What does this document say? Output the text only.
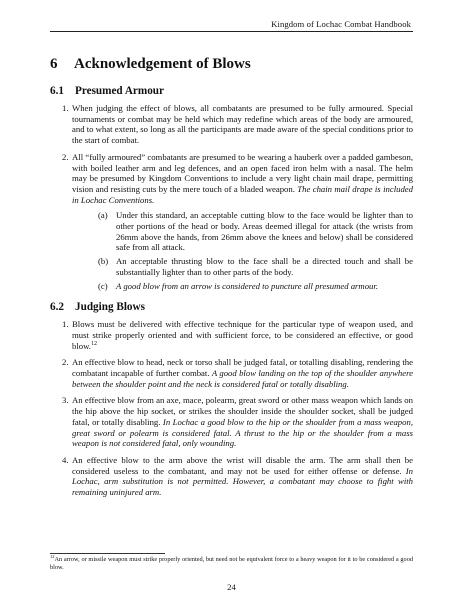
Kingdom of Lochac Combat Handbook
6 Acknowledgement of Blows
6.1 Presumed Armour
1. When judging the effect of blows, all combatants are presumed to be fully armoured. Special tournaments or combat may be held which may redefine which areas of the body are armoured, and to what extent, so long as all the participants are made aware of the special conditions prior to the start of combat.
2. All “fully armoured” combatants are presumed to be wearing a hauberk over a padded gambeson, with boiled leather arm and leg defences, and an open faced iron helm with a nasal. The helm may be presumed by Kingdom Conventions to include a very light chain mail drape, permitting vision and resisting cuts by the mere touch of a bladed weapon. The chain mail drape is included in Lochac Conventions.
(a) Under this standard, an acceptable cutting blow to the face would be lighter than to other portions of the head or body. Areas deemed illegal for attack (the wrists from 26mm above the hands, from 26mm above the knees and below) shall be considered safe from all attack.
(b) An acceptable thrusting blow to the face shall be a directed touch and shall be substantially lighter than to other parts of the body.
(c) A good blow from an arrow is considered to puncture all presumed armour.
6.2 Judging Blows
1. Blows must be delivered with effective technique for the particular type of weapon used, and must strike properly oriented and with sufficient force, to be considered an effective, or good blow.$^{12}$
2. An effective blow to head, neck or torso shall be judged fatal, or totalling disabling, rendering the combatant incapable of further combat. A good blow landing on the top of the shoulder anywhere between the shoulder point and the neck is considered fatal or totally disabling.
3. An effective blow from an axe, mace, polearm, great sword or other mass weapon which lands on the hip above the hip socket, or strikes the shoulder inside the shoulder socket, shall be judged fatal, or totally disabling. In Lochac a good blow to the hip or the shoulder from a mass weapon, great sword or polearm is considered fatal. A thrust to the hip or the shoulder from a mass weapon is not considered fatal, only wounding.
4. An effective blow to the arm above the wrist will disable the arm. The arm shall then be considered useless to the combatant, and may not be used for either offense or defense. In Lochac, arm substitution is not permitted. However, a combatant may choose to fight with remaining uninjured arm.
$^{12}$An arrow, or missile weapon must strike properly oriented, but need not be equivalent force to a heavy weapon for it to be considered a good blow.
24
